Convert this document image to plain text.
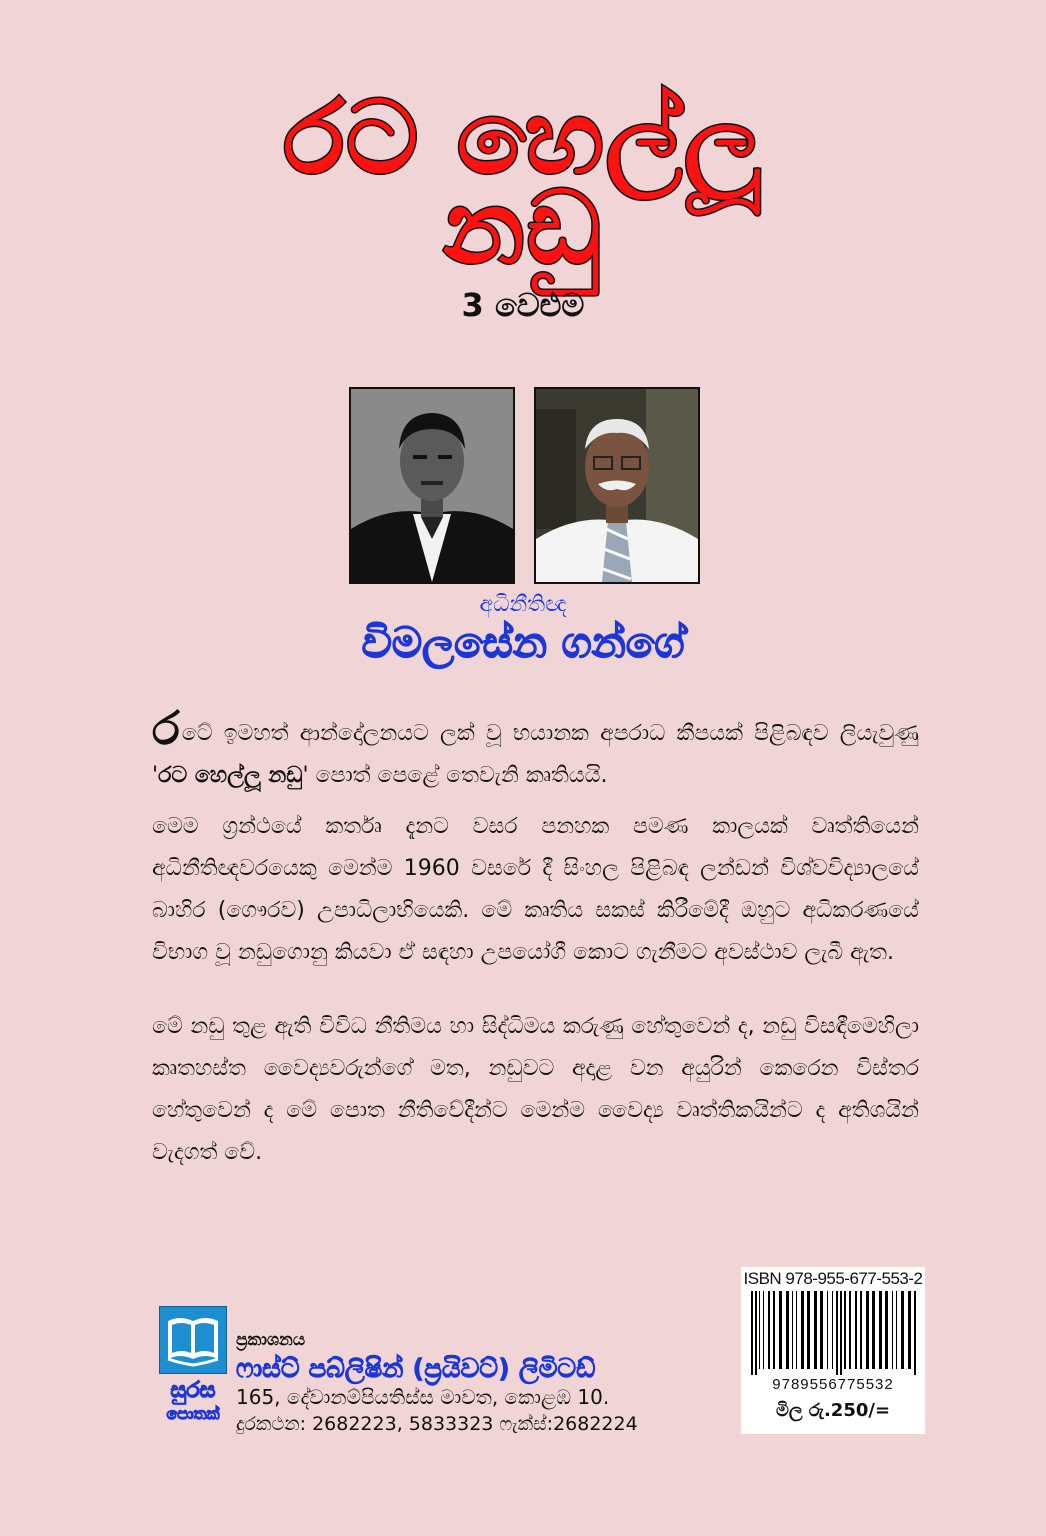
රට හෙල්ලූ
නඩු
3 වෙළුම
අධිනීතිඥ
විමලසේන ගන්ගේ
රටේ ඉමහත් ආන්දෝලනයට ලක් වූ භයානක අපරාධ කීපයක් පිළිබඳව ලියැවුණු 'රට හෙල්ලූ නඩු' පොත් පෙළේ තෙවැනි කෘතියයි.
මෙම ග්‍රන්ථයේ කර්තෘ දැනට වසර පනහක පමණ කාලයක් වෘත්තියෙන් අධිනීතිඥවරයෙකු මෙන්ම 1960 වසරේ දී සිංහල පිළිබඳ ලන්ඩන් විශ්වවිද්‍යාලයේ බාහිර (ගෞරව) උපාධිලාභියෙකි. මේ කෘතිය සකස් කිරීමේදී ඔහුට අධිකරණයේ විභාග වූ නඩුගොනු කියවා ඒ සඳහා උපයෝගී කොට ගැනීමට අවස්ථාව ලැබී ඇත.
මේ නඩු තුළ ඇති විවිධ නීතිමය හා සිද්ධිමය කරුණු හේතුවෙන් ද, නඩු විසඳීමෙහිලා කෘතහස්ත වෛද්‍යවරුන්ගේ මත, නඩුවට අදාළ වන අයුරින් කෙරෙන විස්තර හේතුවෙන් ද මේ පොත නීතිවේදීන්ට මෙන්ම වෛද්‍ය වෘත්තිකයින්ට ද අතිශයින් වැදගත් වේ.
සුරස
පොතක්
ප්‍රකාශනය
ෆාස්ට් පබ්ලිෂින් (ප්‍රයිවට්) ලිමිටඩ්
165, දේවානම්පියතිස්ස මාවත, කොළඹ 10.
දුරකථන: 2682223, 5833323 ෆැක්ස්:2682224
ISBN 978-955-677-553-2
9789556775532
මිල රු.250/=
